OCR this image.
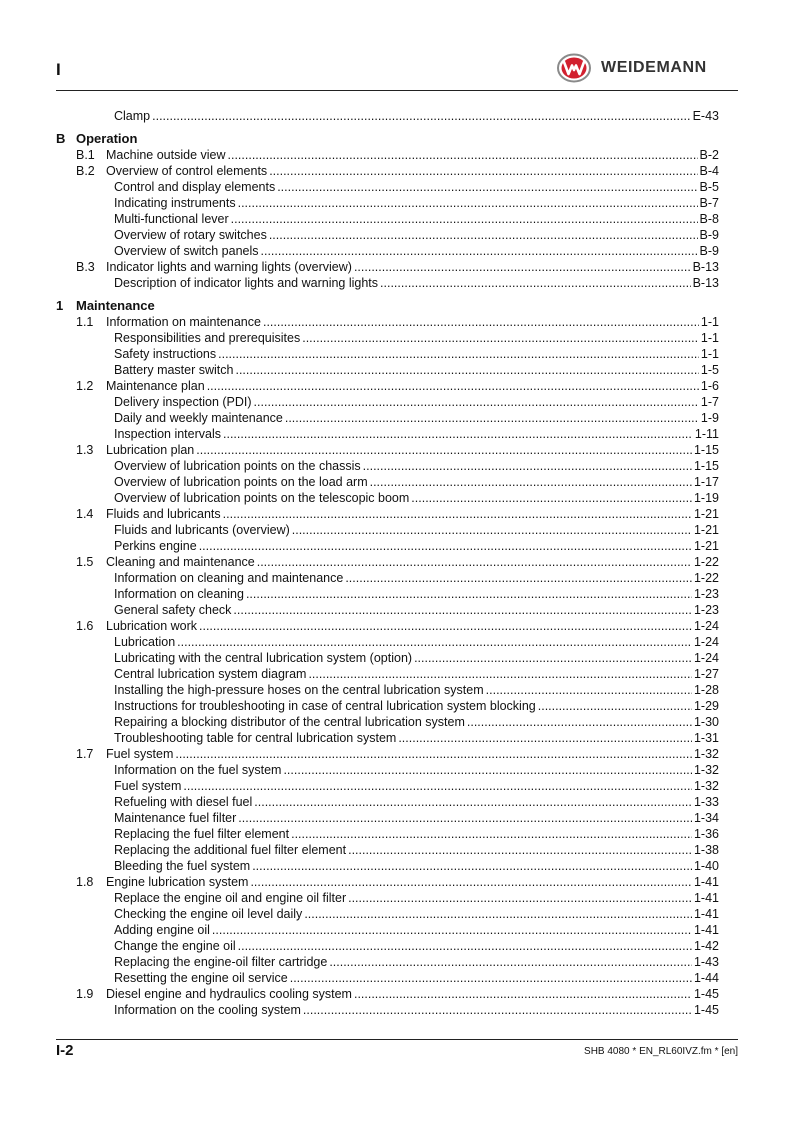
I	WEIDEMANN
Clamp .....	E-43
B Operation
B.1 Machine outside view .....	B-2
B.2 Overview of control elements .....	B-4
Control and display elements .....	B-5
Indicating instruments .....	B-7
Multi-functional lever .....	B-8
Overview of rotary switches .....	B-9
Overview of switch panels .....	B-9
B.3 Indicator lights and warning lights (overview) .....	B-13
Description of indicator lights and warning lights .....	B-13
1 Maintenance
1.1 Information on maintenance .....	1-1
Responsibilities and prerequisites .....	1-1
Safety instructions .....	1-1
Battery master switch .....	1-5
1.2 Maintenance plan .....	1-6
Delivery inspection (PDI) .....	1-7
Daily and weekly maintenance .....	1-9
Inspection intervals .....	1-11
1.3 Lubrication plan .....	1-15
Overview of lubrication points on the chassis .....	1-15
Overview of lubrication points on the load arm .....	1-17
Overview of lubrication points on the telescopic boom .....	1-19
1.4 Fluids and lubricants .....	1-21
Fluids and lubricants (overview) .....	1-21
Perkins engine .....	1-21
1.5 Cleaning and maintenance .....	1-22
Information on cleaning and maintenance .....	1-22
Information on cleaning .....	1-23
General safety check .....	1-23
1.6 Lubrication work .....	1-24
Lubrication .....	1-24
Lubricating with the central lubrication system (option) .....	1-24
Central lubrication system diagram .....	1-27
Installing the high-pressure hoses on the central lubrication system .....	1-28
Instructions for troubleshooting in case of central lubrication system blocking .....	1-29
Repairing a blocking distributor of the central lubrication system .....	1-30
Troubleshooting table for central lubrication system .....	1-31
1.7 Fuel system .....	1-32
Information on the fuel system .....	1-32
Fuel system .....	1-32
Refueling with diesel fuel .....	1-33
Maintenance fuel filter .....	1-34
Replacing the fuel filter element .....	1-36
Replacing the additional fuel filter element .....	1-38
Bleeding the fuel system .....	1-40
1.8 Engine lubrication system .....	1-41
Replace the engine oil and engine oil filter .....	1-41
Checking the engine oil level daily .....	1-41
Adding engine oil .....	1-41
Change the engine oil .....	1-42
Replacing the engine-oil filter cartridge .....	1-43
Resetting the engine oil service .....	1-44
1.9 Diesel engine and hydraulics cooling system .....	1-45
Information on the cooling system .....	1-45
I-2	SHB 4080 * EN_RL60IVZ.fm * [en]
